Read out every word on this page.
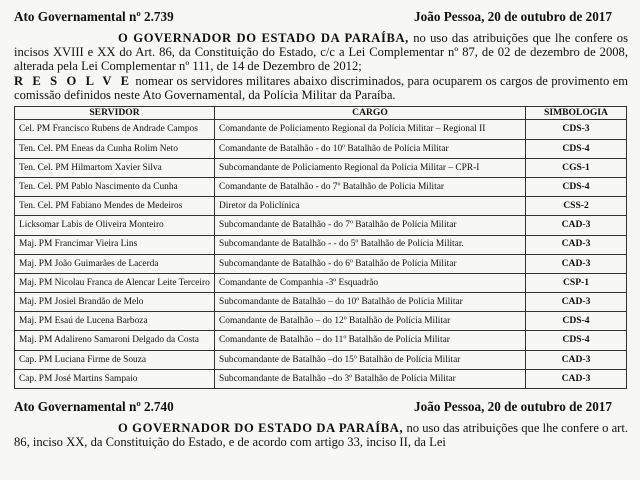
Ato Governamental nº 2.739	João Pessoa, 20 de outubro de 2017

O GOVERNADOR DO ESTADO DA PARAÍBA, no uso das atribuições que lhe confere os incisos XVIII e XX do Art. 86, da Constituição do Estado, c/c a Lei Complementar nº 87, de 02 de dezembro de 2008, alterada pela Lei Complementar nº 111, de 14 de Dezembro de 2012;

R E S O L V E nomear os servidores militares abaixo discriminados, para ocuparem os cargos de provimento em comissão definidos neste Ato Governamental, da Polícia Militar da Paraíba.

SERVIDOR	CARGO	SIMBOLOGIA
Cel. PM Francisco Rubens de Andrade Campos	Comandante de Policiamento Regional da Polícia Militar – Regional II	CDS-3
Ten. Cel. PM Eneas da Cunha Rolim Neto	Comandante de Batalhão - do 10º Batalhão de Polícia Militar	CDS-4
Ten. Cel. PM Hilmartom Xavier Silva	Subcomandante de Policiamento Regional da Polícia Militar – CPR-I	CGS-1
Ten. Cel. PM Pablo Nascimento da Cunha	Comandante de Batalhão - do 7º Batalhão de Polícia Militar	CDS-4
Ten. Cel. PM Fabiano Mendes de Medeiros	Diretor da Policlínica	CSS-2
Licksomar Labis de Oliveira Monteiro	Subcomandante de Batalhão - do 7º Batalhão de Polícia Militar	CAD-3
Maj. PM Francimar Vieira Lins	Subcomandante de Batalhão - - do 5º Batalhão de Polícia Militar.	CAD-3
Maj. PM João Guimarães de Lacerda	Subcomandante de Batalhão - do 6º Batalhão de Polícia Militar	CAD-3
Maj. PM Nicolau Franca de Alencar Leite Terceiro	Comandante de Companhia -3º Esquadrão	CSP-1
Maj. PM Josiel Brandão de Melo	Subcomandante de Batalhão – do 10º Batalhão de Polícia Militar	CAD-3
Maj. PM Esaú de Lucena Barboza	Comandante de Batalhão – do 12º Batalhão de Polícia Militar	CDS-4
Maj. PM Adalireno Samaroni Delgado da Costa	Comandante de Batalhão – do 11º Batalhão de Polícia Militar	CDS-4
Cap. PM Luciana Firme de Souza	Subcomandante de Batalhão –do 15º Batalhão de Polícia Militar	CAD-3
Cap. PM José Martins Sampaio	Subcomandante de Batalhão –do 3º Batalhão de Polícia Militar	CAD-3
Ato Governamental nº 2.740	João Pessoa, 20 de outubro de 2017

O GOVERNADOR DO ESTADO DA PARAÍBA, no uso das atribuições que lhe confere o art. 86, inciso XX, da Constituição do Estado, e de acordo com artigo 33, inciso II, da Lei
